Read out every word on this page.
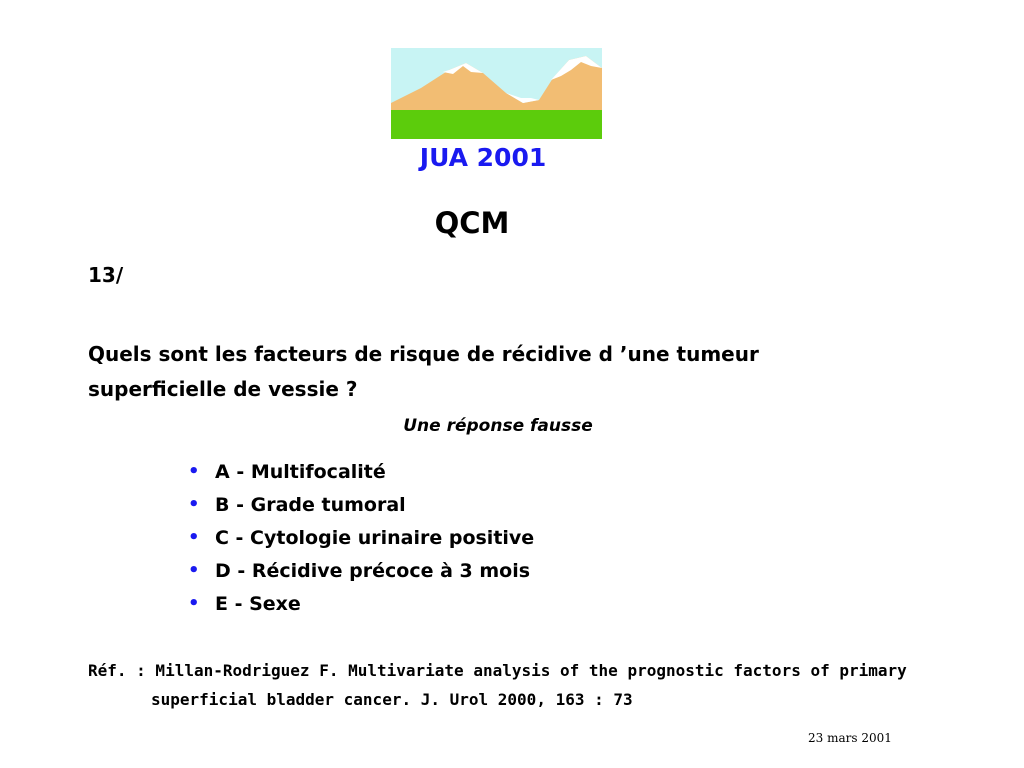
JUA 2001
QCM
13/
Quels sont les facteurs de risque de récidive d ’une tumeur
superficielle de vessie ?
Une réponse fausse
• A - Multifocalité
• B - Grade tumoral
• C - Cytologie urinaire positive
• D - Récidive précoce à 3 mois
• E - Sexe
Réf. : Millan-Rodriguez F. Multivariate analysis of the prognostic factors of primary
superficial bladder cancer. J. Urol 2000, 163 : 73
23 mars 2001
